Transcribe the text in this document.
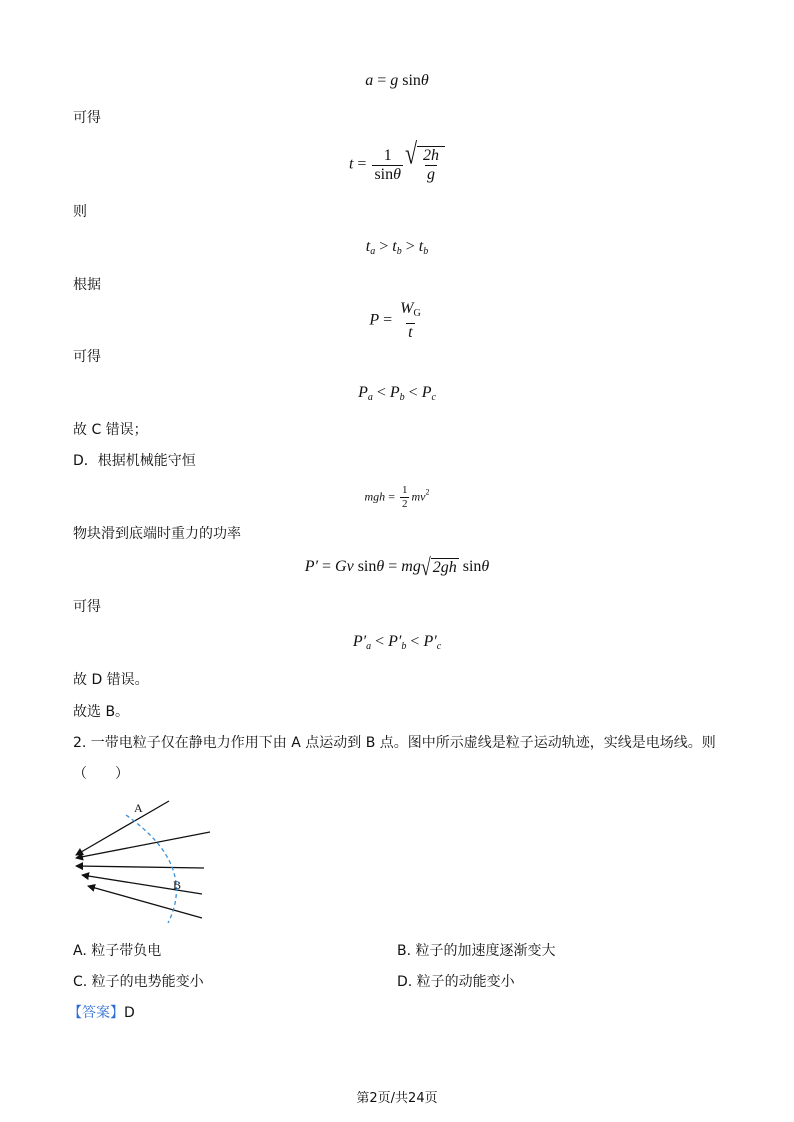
a = g sinθ
可得
$t = \frac{1}{\sin\theta}$ √ $\frac{2h}{g}$
则
$t_a > t_b > t_b$
根据
$P = \frac{W_G}{t}$
可得
$P_a < P_b < P_c$
故 C 错误；
D．根据机械能守恒
mgh = $\frac{1}{2} mv^2$
物块滑到底端时重力的功率
P′ = Gv sinθ = mg √ 2gh sinθ
可得
$P'_a < P'_b < P'_c$
故 D 错误。
故选 B。
2. 一带电粒子仅在静电力作用下由 A 点运动到 B 点。图中所示虚线是粒子运动轨迹，实线是电场线。则
（　　）
A
B
A. 粒子带负电	B. 粒子的加速度逐渐变大
C. 粒子的电势能变小	D. 粒子的动能变小
【答案】D
第2页/共24页
